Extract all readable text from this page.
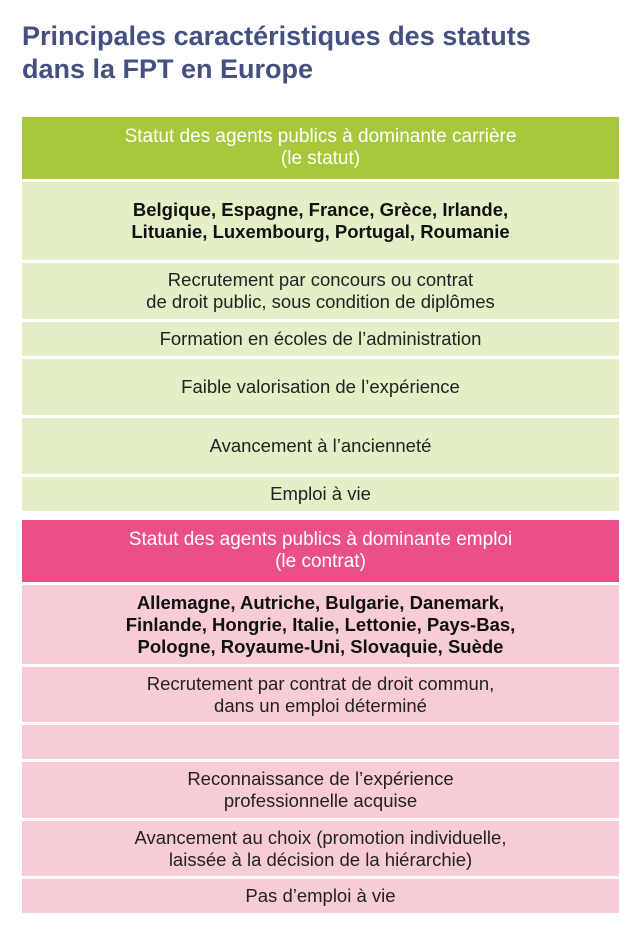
Principales caractéristiques des statuts
dans la FPT en Europe
Statut des agents publics à dominante carrière
(le statut)
Belgique, Espagne, France, Grèce, Irlande,
Lituanie, Luxembourg, Portugal, Roumanie
Recrutement par concours ou contrat
de droit public, sous condition de diplômes
Formation en écoles de l’administration
Faible valorisation de l’expérience
Avancement à l’ancienneté
Emploi à vie
Statut des agents publics à dominante emploi
(le contrat)
Allemagne, Autriche, Bulgarie, Danemark,
Finlande, Hongrie, Italie, Lettonie, Pays-Bas,
Pologne, Royaume-Uni, Slovaquie, Suède
Recrutement par contrat de droit commun,
dans un emploi déterminé
Reconnaissance de l’expérience
professionnelle acquise
Avancement au choix (promotion individuelle,
laissée à la décision de la hiérarchie)
Pas d’emploi à vie
